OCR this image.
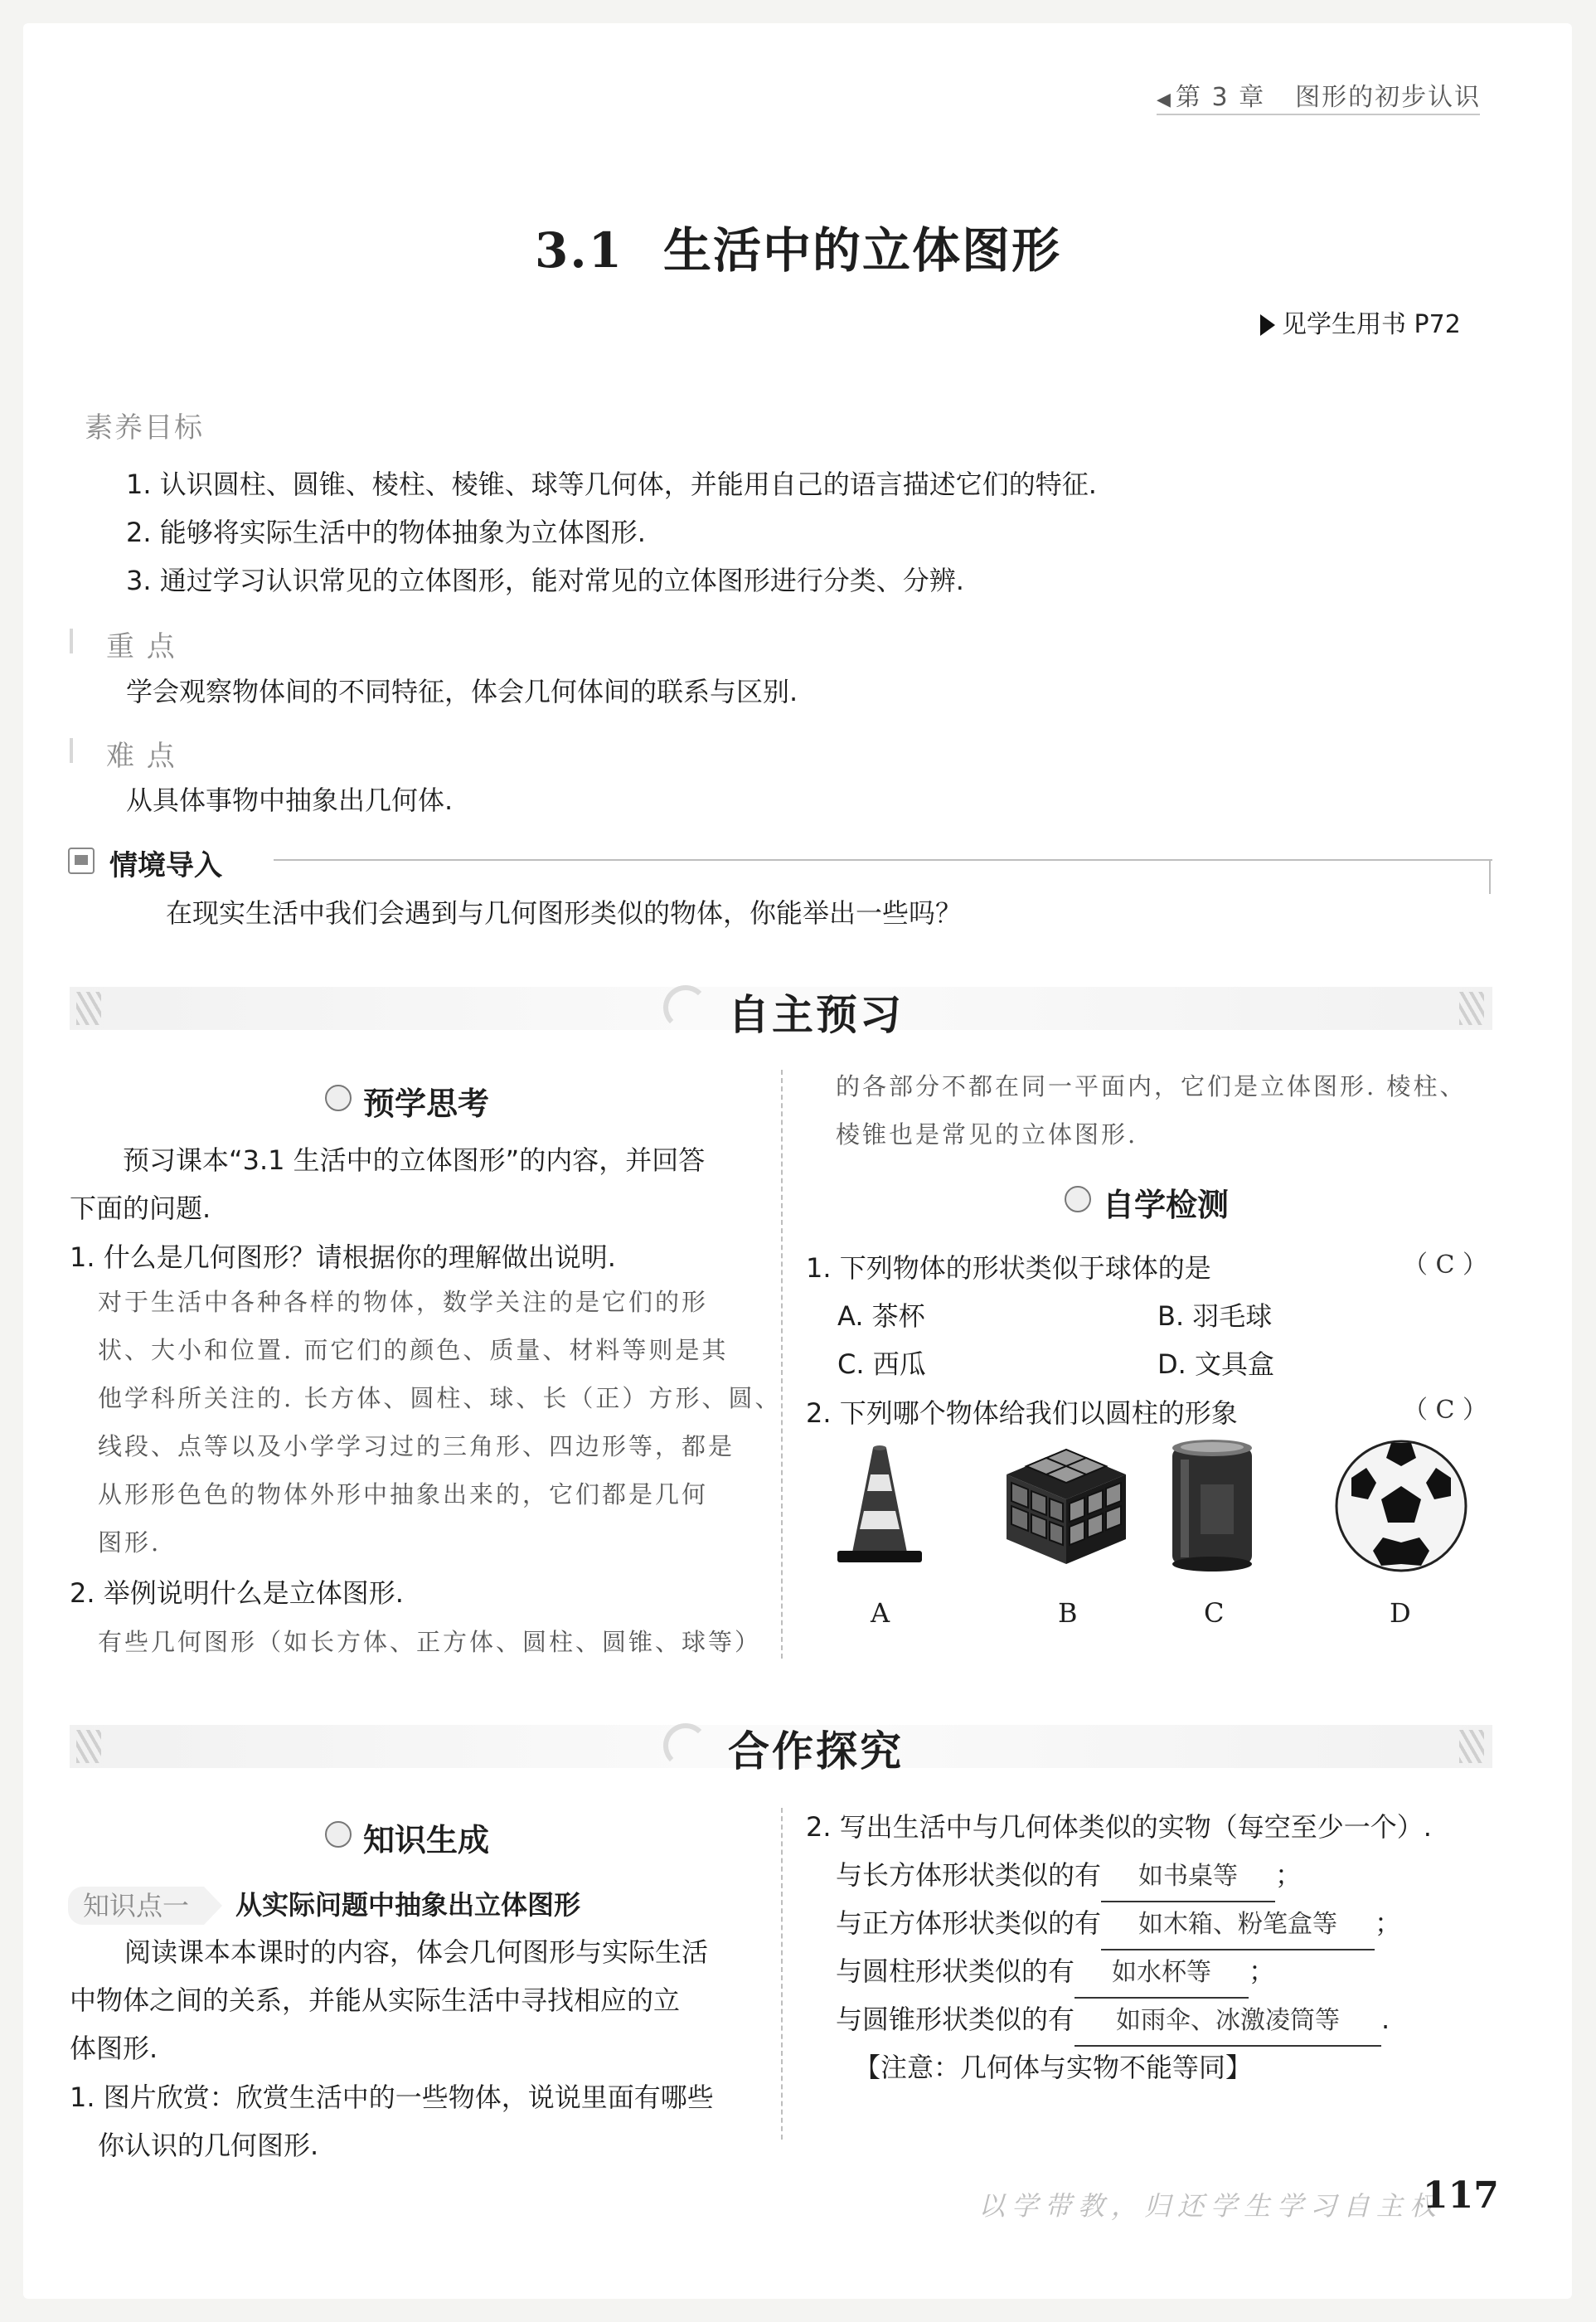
◀ 第 3 章 图形的初步认识
3.1 生活中的立体图形
见学生用书 P72
素养目标
1. 认识圆柱、圆锥、棱柱、棱锥、球等几何体，并能用自己的语言描述它们的特征.
2. 能够将实际生活中的物体抽象为立体图形.
3. 通过学习认识常见的立体图形，能对常见的立体图形进行分类、分辨.
重 点
学会观察物体间的不同特征，体会几何体间的联系与区别.
难 点
从具体事物中抽象出几何体.
情境导入
在现实生活中我们会遇到与几何图形类似的物体，你能举出一些吗？
自主预习
预学思考
预习课本“3.1 生活中的立体图形”的内容，并回答
下面的问题.
1. 什么是几何图形？请根据你的理解做出说明.
对于生活中各种各样的物体，数学关注的是它们的形
状、大小和位置. 而它们的颜色、质量、材料等则是其
他学科所关注的. 长方体、圆柱、球、长（正）方形、圆、
线段、点等以及小学学习过的三角形、四边形等，都是
从形形色色的物体外形中抽象出来的，它们都是几何
图形.
2. 举例说明什么是立体图形.
有些几何图形（如长方体、正方体、圆柱、圆锥、球等）
的各部分不都在同一平面内，它们是立体图形. 棱柱、
棱锥也是常见的立体图形.
自学检测
1. 下列物体的形状类似于球体的是	（ C ）
A. 茶杯	B. 羽毛球
C. 西瓜	D. 文具盒
2. 下列哪个物体给我们以圆柱的形象	（ C ）
A	B	C	D
合作探究
知识生成
知识点一	从实际问题中抽象出立体图形
阅读课本本课时的内容，体会几何图形与实际生活
中物体之间的关系，并能从实际生活中寻找相应的立
体图形.
1. 图片欣赏：欣赏生活中的一些物体，说说里面有哪些
你认识的几何图形.
2. 写出生活中与几何体类似的实物（每空至少一个）.
与长方体形状类似的有 如书桌等 ；
与正方体形状类似的有 如木箱、粉笔盒等 ；
与圆柱形状类似的有 如水杯等 ；
与圆锥形状类似的有 如雨伞、冰激凌筒等 .
【注意：几何体与实物不能等同】
以学带教，归还学生学习自主权
117
